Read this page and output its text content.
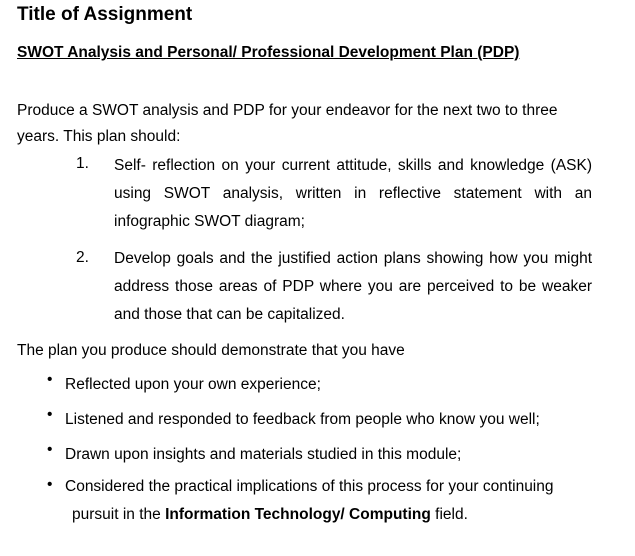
Title of Assignment
SWOT Analysis and Personal/ Professional Development Plan (PDP)
Produce a SWOT analysis and PDP for your endeavor for the next two to three years. This plan should:
1. Self- reflection on your current attitude, skills and knowledge (ASK) using SWOT analysis, written in reflective statement with an infographic SWOT diagram;
2. Develop goals and the justified action plans showing how you might address those areas of PDP where you are perceived to be weaker and those that can be capitalized.
The plan you produce should demonstrate that you have
• Reflected upon your own experience;
• Listened and responded to feedback from people who know you well;
• Drawn upon insights and materials studied in this module;
• Considered the practical implications of this process for your continuing
pursuit in the Information Technology/ Computing field.
